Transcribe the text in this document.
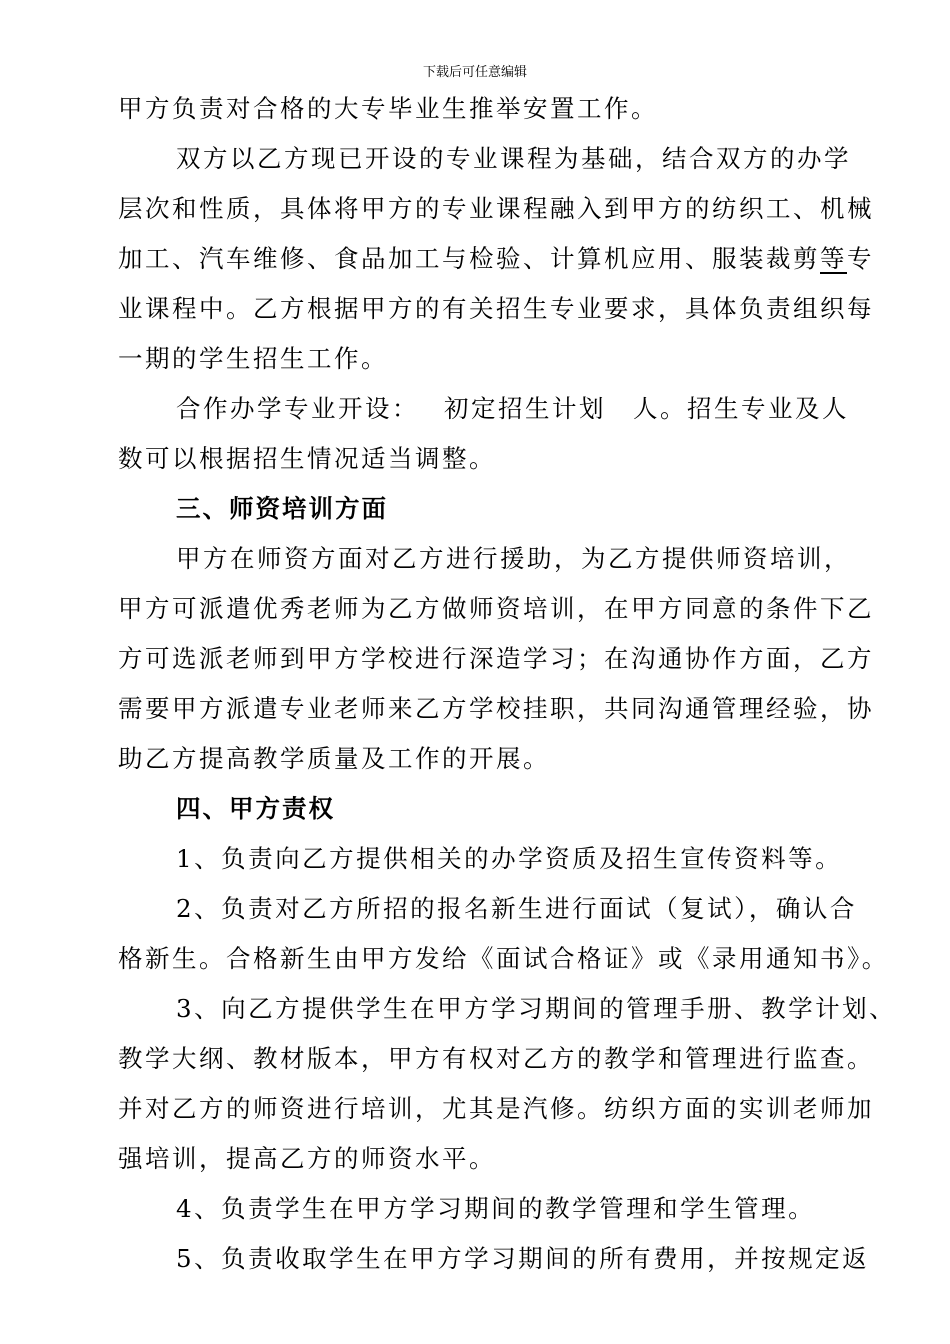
下载后可任意编辑
甲方负责对合格的大专毕业生推举安置工作。
双方以乙方现已开设的专业课程为基础，结合双方的办学
层次和性质，具体将甲方的专业课程融入到甲方的纺织工、机械
加工、汽车维修、食品加工与检验、计算机应用、服装裁剪等专
业课程中。乙方根据甲方的有关招生专业要求，具体负责组织每
一期的学生招生工作。
合作办学专业开设：　 初定招生计划　人。招生专业及人
数可以根据招生情况适当调整。
三、师资培训方面
甲方在师资方面对乙方进行援助，为乙方提供师资培训，
甲方可派遣优秀老师为乙方做师资培训，在甲方同意的条件下乙
方可选派老师到甲方学校进行深造学习；在沟通协作方面，乙方
需要甲方派遣专业老师来乙方学校挂职，共同沟通管理经验，协
助乙方提高教学质量及工作的开展。
四、甲方责权
1、负责向乙方提供相关的办学资质及招生宣传资料等。
2、负责对乙方所招的报名新生进行面试（复试），确认合
格新生。合格新生由甲方发给《面试合格证》或《录用通知书》。
3、向乙方提供学生在甲方学习期间的管理手册、教学计划、
教学大纲、教材版本，甲方有权对乙方的教学和管理进行监查。
并对乙方的师资进行培训，尤其是汽修。纺织方面的实训老师加
强培训，提高乙方的师资水平。
4、负责学生在甲方学习期间的教学管理和学生管理。
5、负责收取学生在甲方学习期间的所有费用，并按规定返
